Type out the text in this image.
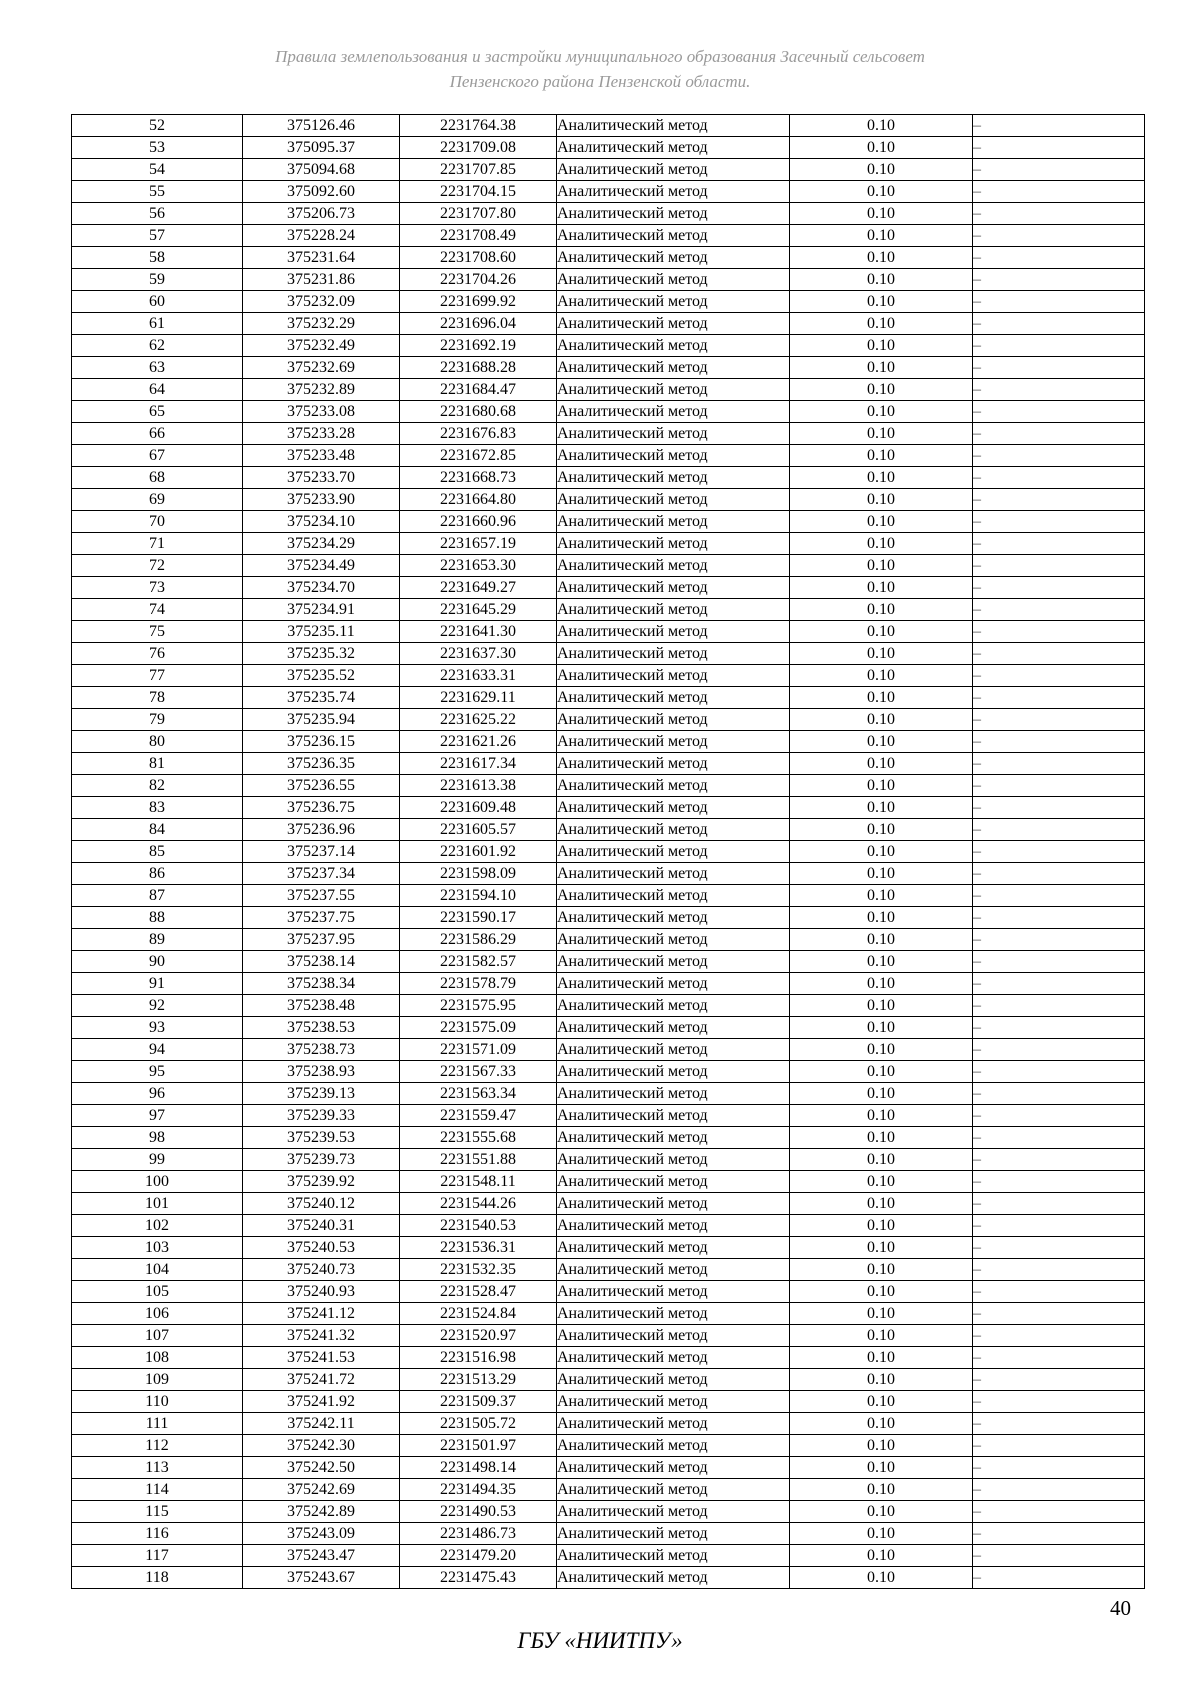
Правила землепользования и застройки муниципального образования Засечный сельсовет
Пензенского района Пензенской области.
52	375126.46	2231764.38	Аналитический метод	0.10	–
53	375095.37	2231709.08	Аналитический метод	0.10	–
54	375094.68	2231707.85	Аналитический метод	0.10	–
55	375092.60	2231704.15	Аналитический метод	0.10	–
56	375206.73	2231707.80	Аналитический метод	0.10	–
57	375228.24	2231708.49	Аналитический метод	0.10	–
58	375231.64	2231708.60	Аналитический метод	0.10	–
59	375231.86	2231704.26	Аналитический метод	0.10	–
60	375232.09	2231699.92	Аналитический метод	0.10	–
61	375232.29	2231696.04	Аналитический метод	0.10	–
62	375232.49	2231692.19	Аналитический метод	0.10	–
63	375232.69	2231688.28	Аналитический метод	0.10	–
64	375232.89	2231684.47	Аналитический метод	0.10	–
65	375233.08	2231680.68	Аналитический метод	0.10	–
66	375233.28	2231676.83	Аналитический метод	0.10	–
67	375233.48	2231672.85	Аналитический метод	0.10	–
68	375233.70	2231668.73	Аналитический метод	0.10	–
69	375233.90	2231664.80	Аналитический метод	0.10	–
70	375234.10	2231660.96	Аналитический метод	0.10	–
71	375234.29	2231657.19	Аналитический метод	0.10	–
72	375234.49	2231653.30	Аналитический метод	0.10	–
73	375234.70	2231649.27	Аналитический метод	0.10	–
74	375234.91	2231645.29	Аналитический метод	0.10	–
75	375235.11	2231641.30	Аналитический метод	0.10	–
76	375235.32	2231637.30	Аналитический метод	0.10	–
77	375235.52	2231633.31	Аналитический метод	0.10	–
78	375235.74	2231629.11	Аналитический метод	0.10	–
79	375235.94	2231625.22	Аналитический метод	0.10	–
80	375236.15	2231621.26	Аналитический метод	0.10	–
81	375236.35	2231617.34	Аналитический метод	0.10	–
82	375236.55	2231613.38	Аналитический метод	0.10	–
83	375236.75	2231609.48	Аналитический метод	0.10	–
84	375236.96	2231605.57	Аналитический метод	0.10	–
85	375237.14	2231601.92	Аналитический метод	0.10	–
86	375237.34	2231598.09	Аналитический метод	0.10	–
87	375237.55	2231594.10	Аналитический метод	0.10	–
88	375237.75	2231590.17	Аналитический метод	0.10	–
89	375237.95	2231586.29	Аналитический метод	0.10	–
90	375238.14	2231582.57	Аналитический метод	0.10	–
91	375238.34	2231578.79	Аналитический метод	0.10	–
92	375238.48	2231575.95	Аналитический метод	0.10	–
93	375238.53	2231575.09	Аналитический метод	0.10	–
94	375238.73	2231571.09	Аналитический метод	0.10	–
95	375238.93	2231567.33	Аналитический метод	0.10	–
96	375239.13	2231563.34	Аналитический метод	0.10	–
97	375239.33	2231559.47	Аналитический метод	0.10	–
98	375239.53	2231555.68	Аналитический метод	0.10	–
99	375239.73	2231551.88	Аналитический метод	0.10	–
100	375239.92	2231548.11	Аналитический метод	0.10	–
101	375240.12	2231544.26	Аналитический метод	0.10	–
102	375240.31	2231540.53	Аналитический метод	0.10	–
103	375240.53	2231536.31	Аналитический метод	0.10	–
104	375240.73	2231532.35	Аналитический метод	0.10	–
105	375240.93	2231528.47	Аналитический метод	0.10	–
106	375241.12	2231524.84	Аналитический метод	0.10	–
107	375241.32	2231520.97	Аналитический метод	0.10	–
108	375241.53	2231516.98	Аналитический метод	0.10	–
109	375241.72	2231513.29	Аналитический метод	0.10	–
110	375241.92	2231509.37	Аналитический метод	0.10	–
111	375242.11	2231505.72	Аналитический метод	0.10	–
112	375242.30	2231501.97	Аналитический метод	0.10	–
113	375242.50	2231498.14	Аналитический метод	0.10	–
114	375242.69	2231494.35	Аналитический метод	0.10	–
115	375242.89	2231490.53	Аналитический метод	0.10	–
116	375243.09	2231486.73	Аналитический метод	0.10	–
117	375243.47	2231479.20	Аналитический метод	0.10	–
118	375243.67	2231475.43	Аналитический метод	0.10	–
40
ГБУ «НИИТПУ»
